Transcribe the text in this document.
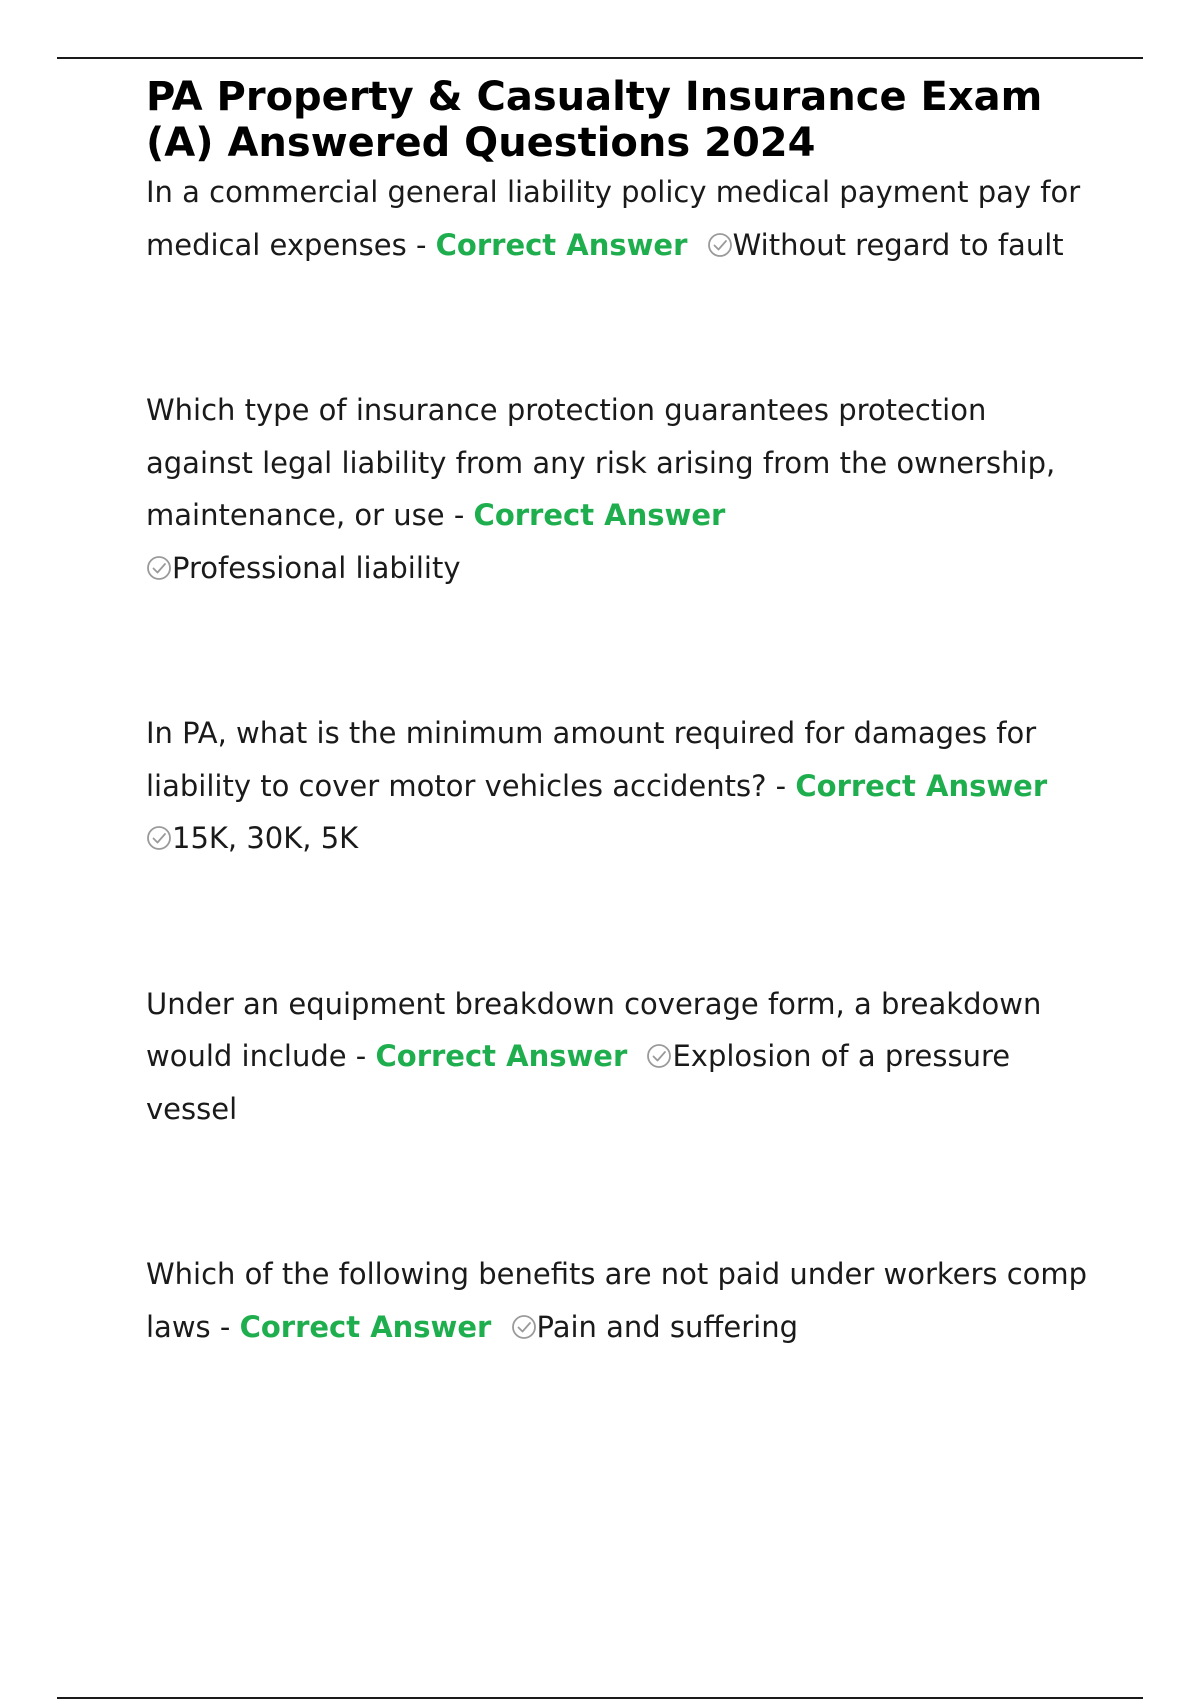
PA Property & Casualty Insurance Exam (A) Answered Questions 2024

In a commercial general liability policy medical payment pay for medical expenses - Correct Answer Without regard to fault

Which type of insurance protection guarantees protection against legal liability from any risk arising from the ownership, maintenance, or use - Correct Answer
Professional liability

In PA, what is the minimum amount required for damages for liability to cover motor vehicles accidents? - Correct Answer
15K, 30K, 5K

Under an equipment breakdown coverage form, a breakdown would include - Correct Answer Explosion of a pressure vessel

Which of the following benefits are not paid under workers comp laws - Correct Answer Pain and suffering
